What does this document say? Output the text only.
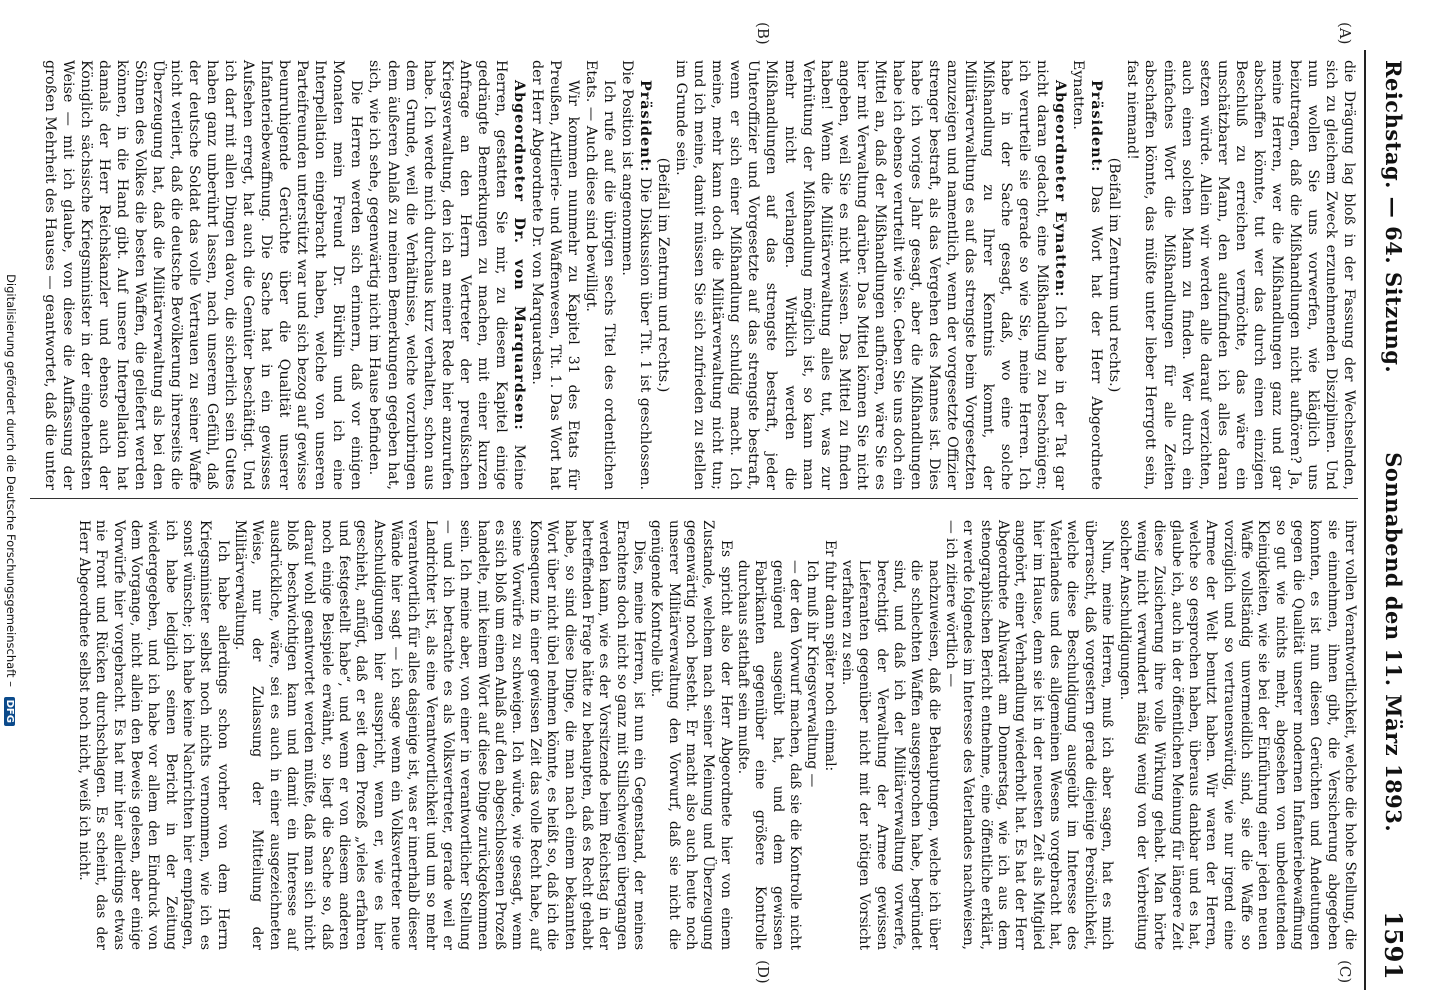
Reichstag. — 64. Sitzung.
Sonnabend den 11. März 1893.
1591
(A)
(B)
(C)
(D)

die Drägung lag bloß in der Fassung der Wechselnden, sich zu gleichem Zweck erzunehmenden Disziplinen. Und nun wollen Sie uns vorwerfen, wie kläglich uns beizutragen, daß die Mißhandlungen nicht aufhören? Ja, meine Herren, wer die Mißhandlungen ganz und gar abschaffen könnte, tut wer das durch einen einzigen Beschluß zu erreichen vermöchte, das wäre ein unschätzbarer Mann, den aufzufinden ich alles daran setzen würde. Allein wir werden alle darauf verzichten, auch einen solchen Mann zu finden. Wer durch ein einfaches Wort die Mißhandlungen für alle Zeiten abschaffen könnte, das müßte unter lieber Herrgott sein, fast niemand!

(Beifall im Zentrum und rechts.)

Präsident: Das Wort hat der Herr Abgeordnete Eynatten.

Abgeordneter Eynatten: Ich habe in der Tat gar nicht daran gedacht, eine Mißhandlung zu beschönigen; ich verurteile sie gerade so wie Sie, meine Herren. Ich habe in der Sache gesagt, daß, wo eine solche Mißhandlung zu Ihrer Kenntnis kommt, der Militärverwaltung es auf das strengste beim Vorgesetzten anzuzeigen und namentlich, wenn der vorgesetzte Offizier strenger bestraft, als das Vergehen des Mannes ist. Dies habe ich voriges Jahr gesagt, aber die Mißhandlungen habe ich ebenso verurteilt wie Sie. Geben Sie uns doch ein Mittel an, daß der Mißhandlungen aufhören, wäre Sie es hier mit Verwaltung darüber. Das Mittel können Sie nicht angeben, weil Sie es nicht wissen. Das Mittel zu finden haben! Wenn die Militärverwaltung alles tut, was zur Verhütung der Mißhandlung möglich ist, so kann man mehr nicht verlangen. Wirklich werden die Mißhandlungen auf das strengste bestraft, jeder Unteroffizier und Vorgesetzte auf das strengste bestraft, wenn er sich einer Mißhandlung schuldig macht. Ich meine, mehr kann doch die Militärverwaltung nicht tun; und ich meine, damit müssen Sie sich zufrieden zu stellen im Grunde sein.

(Beifall im Zentrum und rechts.)

Präsident: Die Diskussion über Tit. 1 ist geschlossen. Die Position ist angenommen.

Ich rufe auf die übrigen sechs Titel des ordentlichen Etats. — Auch diese sind bewilligt.

Wir kommen nunmehr zu Kapitel 31 des Etats für Preußen, Artillerie- und Waffenwesen, Tit. 1. Das Wort hat der Herr Abgeordnete Dr. von Marquardsen.

Abgeordneter Dr. von Marquardsen: Meine Herren, gestatten Sie mir, zu diesem Kapitel einige gedrängte Bemerkungen zu machen, mit einer kurzen Anfrage an den Herrn Vertreter der preußischen Kriegsverwaltung, den ich an meiner Rede hier anzurufen habe. Ich werde mich durchaus kurz verhalten, schon aus dem Grunde, weil die Verhältnisse, welche vorzubringen dem äußeren Anlaß zu meinen Bemerkungen gegeben hat, sich, wie ich sehe, gegenwärtig nicht im Hause befinden.

Die Herren werden sich erinnern, daß vor einigen Monaten mein Freund Dr. Bürklin und ich eine Interpellation eingebracht haben, welche von unseren Parteifreunden unterstützt war und sich bezog auf gewisse beunruhigende Gerüchte über die Qualität unserer Infanteriebewaffnung. Die Sache hat in ein gewisses Aufsehen erregt, hat auch die Gemüter beschäftigt. Und ich darf mit allen Dingen davon, die sicherlich sein Gutes haben ganz unberührt lassen, nach unserem Gefühl, daß der deutsche Soldat das volle Vertrauen zu seiner Waffe nicht verliert, daß die deutsche Bevölkerung ihrerseits die Überzeugung hat, daß die Militärverwaltung als bei den Söhnen des Volkes die besten Waffen, die geliefert werden können, in die Hand gibt. Auf unsere Interpellation hat damals der Herr Reichskanzler und ebenso auch der Königlich sächsische Kriegsminister in der eingehendsten Weise — mit ich glaube, von diese die Auffassung der großen Mehrheit des Hauses — geantwortet, daß die unter

ihrer vollen Verantwortlichkeit, welche die hohe Stellung, die sie einnehmen, ihnen gibt, die Versicherung abgegeben konnten, es ist nun diesen Gerüchten und Andeutungen gegen die Qualität unserer modernen Infanteriebewaffnung so gut wie nichts mehr, abgesehen von unbedeutenden Kleinigkeiten, wie sie bei der Einführung einer jeden neuen Waffe vollständig unvermeidlich sind, sie die Waffe so vorzüglich und so vertrauenswürdig, wie nur irgend eine Armee der Welt benutzt haben. Wir waren der Herren, welche so gesprochen haben, überaus dankbar und es hat, glaube ich, auch in der öffentlichen Meinung für längere Zeit diese Zusicherung ihre volle Wirkung gehabt. Man hörte wenig nicht verwundert mäßig wenig von der Verbreitung solcher Anschuldigungen.

Nun, meine Herren, muß ich aber sagen, hat es mich überrascht, daß vorgestern gerade diejenige Persönlichkeit, welche diese Beschuldigung ausgeübt im Interesse des Vaterlandes und des allgemeinen Wesens vorgebracht hat, hier im Hause, denn sie ist in der neuesten Zeit als Mitglied angehört, einer Verhandlung wiederholt hat. Es hat der Herr Abgeordnete Ahlwardt am Donnerstag, wie ich aus dem stenographischen Bericht entnehme, eine öffentliche erklärt, er werde folgendes im Interesse des Vaterlandes nachweisen, — ich zitiere wörtlich —

nachzuweisen, daß die Behauptungen, welche ich über die schlechten Waffen ausgesprochen habe, begründet sind, und daß ich der Militärverwaltung vorwerfe, berechtigt der Verwaltung der Armee gewissen Lieferanten gegenüber nicht mit der nötigen Vorsicht verfahren zu sein.

Er fuhr dann später noch einmal:

Ich muß ihr Kriegsverwaltung —

— der den Vorwurf machen, daß sie die Kontrolle nicht genügend ausgeübt hat, und dem gewissen Fabrikanten gegenüber eine größere Kontrolle durchaus statthaft sein mußte.

Es spricht also der Herr Abgeordnete hier von einem Zustande, welchem nach seiner Meinung und Überzeugung gegenwärtig noch besteht. Er macht also auch heute noch unserer Militärverwaltung den Vorwurf, daß sie nicht die genügende Kontrolle übt.

Dies, meine Herren, ist nun ein Gegenstand, der meines Erachtens doch nicht so ganz mit Stillschweigen übergangen werden kann, wie es der Vorsitzende beim Reichstag in der betreffenden Frage hätte zu behaupten, daß es Recht gehabt habe, so sind diese Dinge, die man nach einem bekannten Wort über nicht übel nehmen könnte, es heißt so, daß ich die Konsequenz in einer gewissen Zeit das volle Recht habe, auf seine Vorwürfe zu schweigen. Ich würde, wie gesagt, wenn es sich bloß um einen Anlaß auf den abgeschlossenen Prozeß handelte, mit keinem Wort auf diese Dinge zurückgekommen sein. Ich meine aber, von einer in verantwortlicher Stellung — und ich betrachte es als Volksvertreter, gerade weil er Landrichter ist, als eine Verantwortlichkeit und um so mehr verantwortlich für alles dasjenige ist, was er innerhalb dieser Wände hier sagt — ich sage wenn ein Volksvertreter neue Anschuldigungen hier ausspricht, wenn er, wie es hier geschieht, anfügt, daß er seit dem Prozeß „vieles erfahren und festgestellt habe“, und wenn er von diesem anderen noch einige Beispiele erwähnt, so liegt die Sache so, daß darauf wohl geantwortet werden müßte, daß man sich nicht bloß beschwichtigen kann und damit ein Interesse auf ausdrückliche, wäre, sei es auch in einer ausgezeichneten Weise, nur der Zulassung der Mitteilung der Militärverwaltung.

Ich habe allerdings schon vorher von dem Herrn Kriegsminister selbst noch nichts vernommen, wie ich es sonst wünsche; ich habe keine Nachrichten hier empfangen, ich habe lediglich seinen Bericht in der Zeitung wiedergegeben, und ich habe vor allem den Eindruck von dem Vorgange, nicht allein den Beweis gelesen, aber einige Vorwürfe hier vorgebracht. Es hat mir hier allerdings etwas nie Front und Rücken durchschlagen. Es scheint, das der Herr Abgeordnete selbst noch nicht, weiß ich nicht.

Digitalisierung gefördert durch die Deutsche Forschungsgemeinschaft – DFG
